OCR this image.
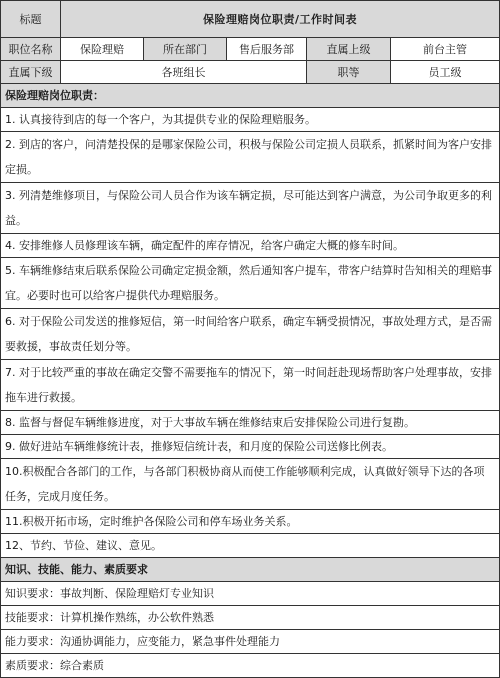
标题	保险理赔岗位职责/工作时间表				
职位名称	保险理赔	所在部门	售后服务部	直属上级	前台主管
直属下级	各班组长			职等	员工级
保险理赔岗位职责：					
1. 认真接待到店的每一个客户，为其提供专业的保险理赔服务。					

2. 到店的客户，问清楚投保的是哪家保险公司，积极与保险公司定损人员联系，抓紧时间为客户安排定损。					

3. 列清楚维修项目，与保险公司人员合作为该车辆定损，尽可能达到客户满意，为公司争取更多的利益。					

4. 安排维修人员修理该车辆，确定配件的库存情况，给客户确定大概的修车时间。					

5. 车辆维修结束后联系保险公司确定定损金额，然后通知客户提车，带客户结算时告知相关的理赔事宜。必要时也可以给客户提供代办理赔服务。					

6. 对于保险公司发送的推修短信，第一时间给客户联系，确定车辆受损情况，事故处理方式，是否需要救援，事故责任划分等。					

7. 对于比较严重的事故在确定交警不需要拖车的情况下，第一时间赶赴现场帮助客户处理事故，安排拖车进行救援。					

8. 监督与督促车辆维修进度，对于大事故车辆在维修结束后安排保险公司进行复勘。					
9. 做好进站车辆维修统计表，推修短信统计表，和月度的保险公司送修比例表。					

10.积极配合各部门的工作，与各部门积极协商从而使工作能够顺利完成，认真做好领导下达的各项任务，完成月度任务。					

11.积极开拓市场，定时维护各保险公司和停车场业务关系。					
12、节约、节俭、建议、意见。					
知识、技能、能力、素质要求					
知识要求：事故判断、保险理赔灯专业知识					
技能要求：计算机操作熟练，办公软件熟悉					
能力要求：沟通协调能力，应变能力，紧急事件处理能力					
素质要求：综合素质					
